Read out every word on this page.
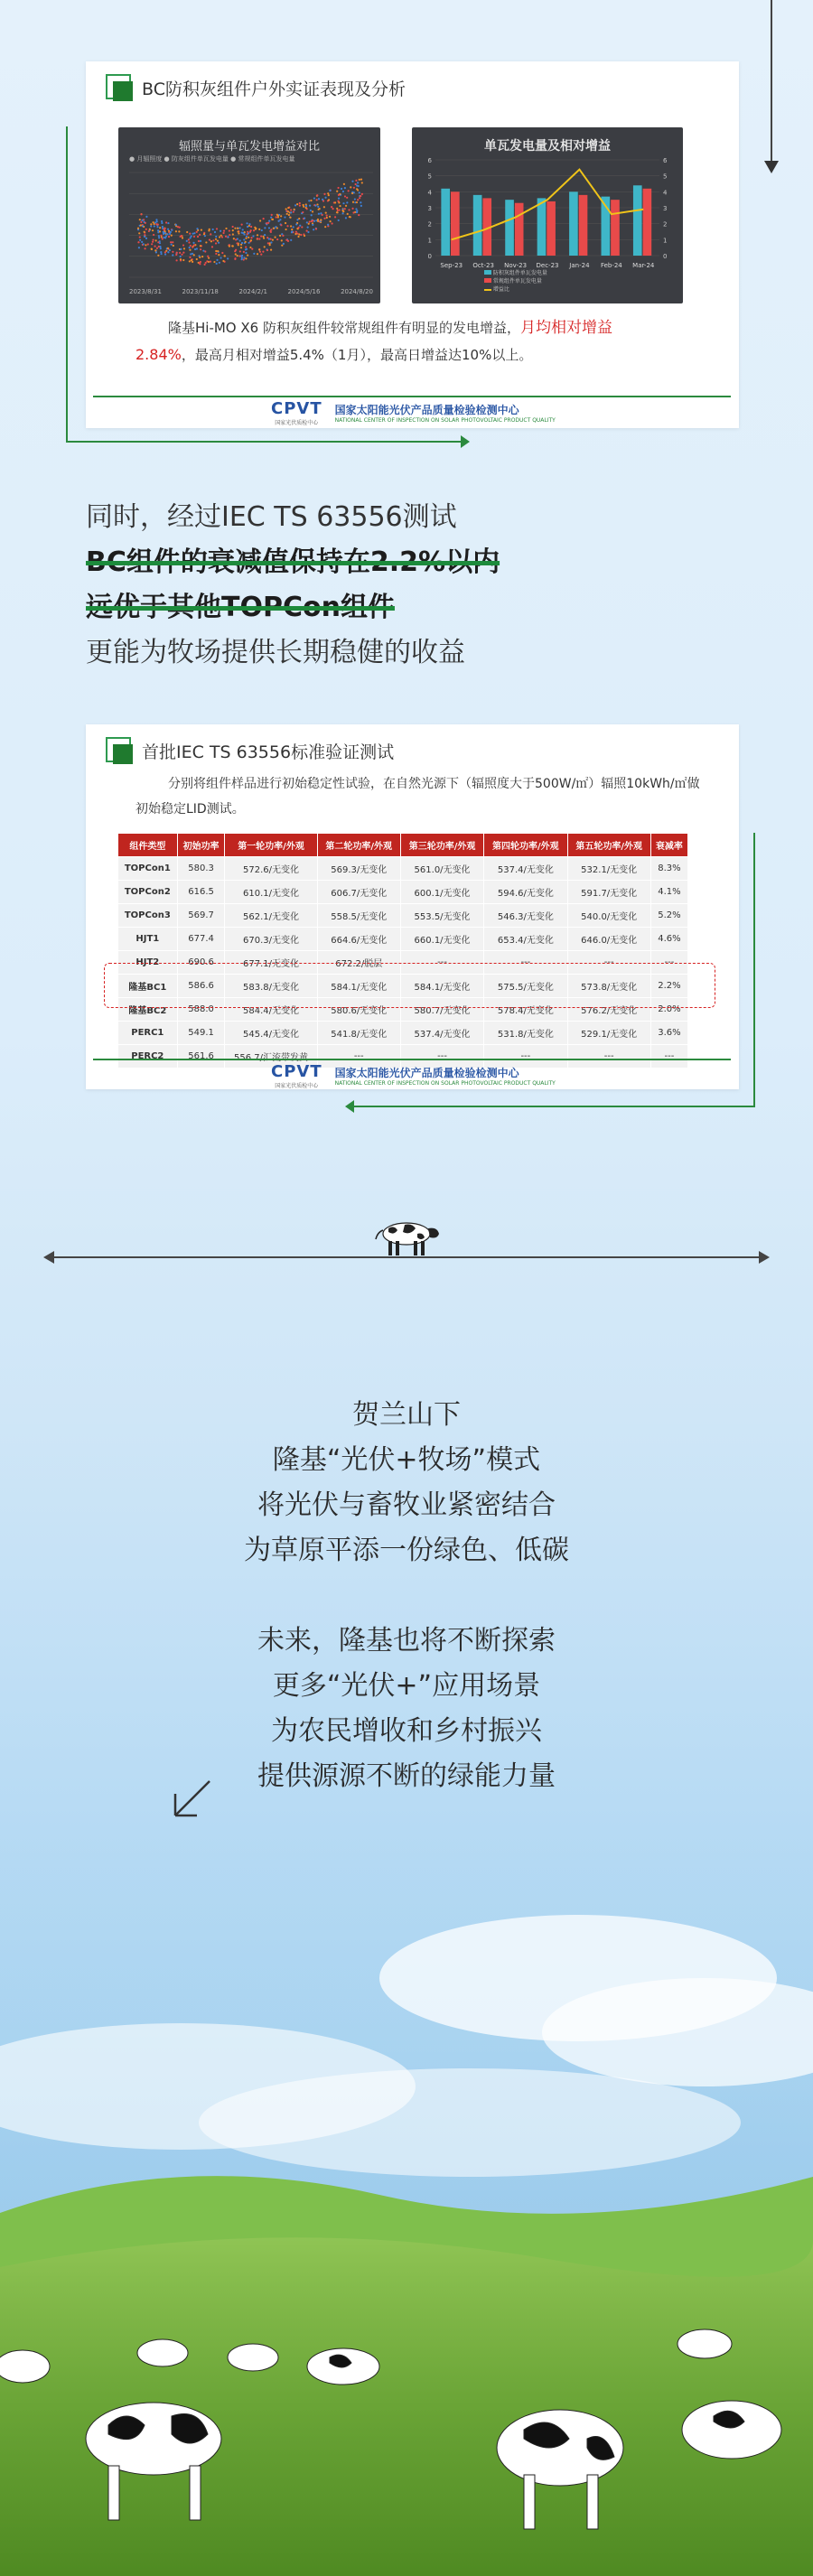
BC防积灰组件户外实证表现及分析
辐照量与单瓦发电增益对比
● 月辐照度 ● 防灰组件单瓦发电量 ● 常规组件单瓦发电量
2023/8/31	2023/11/18	2024/2/1	2024/5/16	2024/8/20
单瓦发电量及相对增益
0	0
1	1
2	2
3	3
4	4
5	5
6	6
Sep-23 Oct-23 Nov-23 Dec-23 Jan-24 Feb-24 Mar-24
防积灰组件单瓦发电量
常规组件单瓦发电量
增益比
隆基Hi-MO X6 防积灰组件较常规组件有明显的发电增益，月均相对增益
2.84%，最高月相对增益5.4%（1月），最高日增益达10%以上。
CPVT
国家光伏质检中心
国家太阳能光伏产品质量检验检测中心
NATIONAL CENTER OF INSPECTION ON SOLAR PHOTOVOLTAIC PRODUCT QUALITY
同时，经过IEC TS 63556测试
BC组件的衰减值保持在2.2%以内
远优于其他TOPCon组件
更能为牧场提供长期稳健的收益
首批IEC TS 63556标准验证测试
分别将组件样品进行初始稳定性试验，在自然光源下（辐照度大于500W/㎡）辐照10kWh/㎡做初始稳定LID测试。
组件类型	初始功率	第一轮功率/外观	第二轮功率/外观	第三轮功率/外观	第四轮功率/外观	第五轮功率/外观	衰减率
TOPCon1	580.3	572.6/无变化	569.3/无变化	561.0/无变化	537.4/无变化	532.1/无变化	8.3%
TOPCon2	616.5	610.1/无变化	606.7/无变化	600.1/无变化	594.6/无变化	591.7/无变化	4.1%
TOPCon3	569.7	562.1/无变化	558.5/无变化	553.5/无变化	546.3/无变化	540.0/无变化	5.2%
HJT1	677.4	670.3/无变化	664.6/无变化	660.1/无变化	653.4/无变化	646.0/无变化	4.6%
HJT2	690.6	677.1/无变化	672.2/脱层	---	---	---	---
隆基BC1	586.6	583.8/无变化	584.1/无变化	584.1/无变化	575.5/无变化	573.8/无变化	2.2%
隆基BC2	588.0	584.4/无变化	580.6/无变化	580.7/无变化	578.4/无变化	576.2/无变化	2.0%
PERC1	549.1	545.4/无变化	541.8/无变化	537.4/无变化	531.8/无变化	529.1/无变化	3.6%
PERC2	561.6	556.7/汇流带发黄	---	---	---	---	---
CPVT
国家光伏质检中心
国家太阳能光伏产品质量检验检测中心
NATIONAL CENTER OF INSPECTION ON SOLAR PHOTOVOLTAIC PRODUCT QUALITY
贺兰山下
隆基“光伏+牧场”模式
将光伏与畜牧业紧密结合
为草原平添一份绿色、低碳
未来，隆基也将不断探索
更多“光伏+”应用场景
为农民增收和乡村振兴
提供源源不断的绿能力量
